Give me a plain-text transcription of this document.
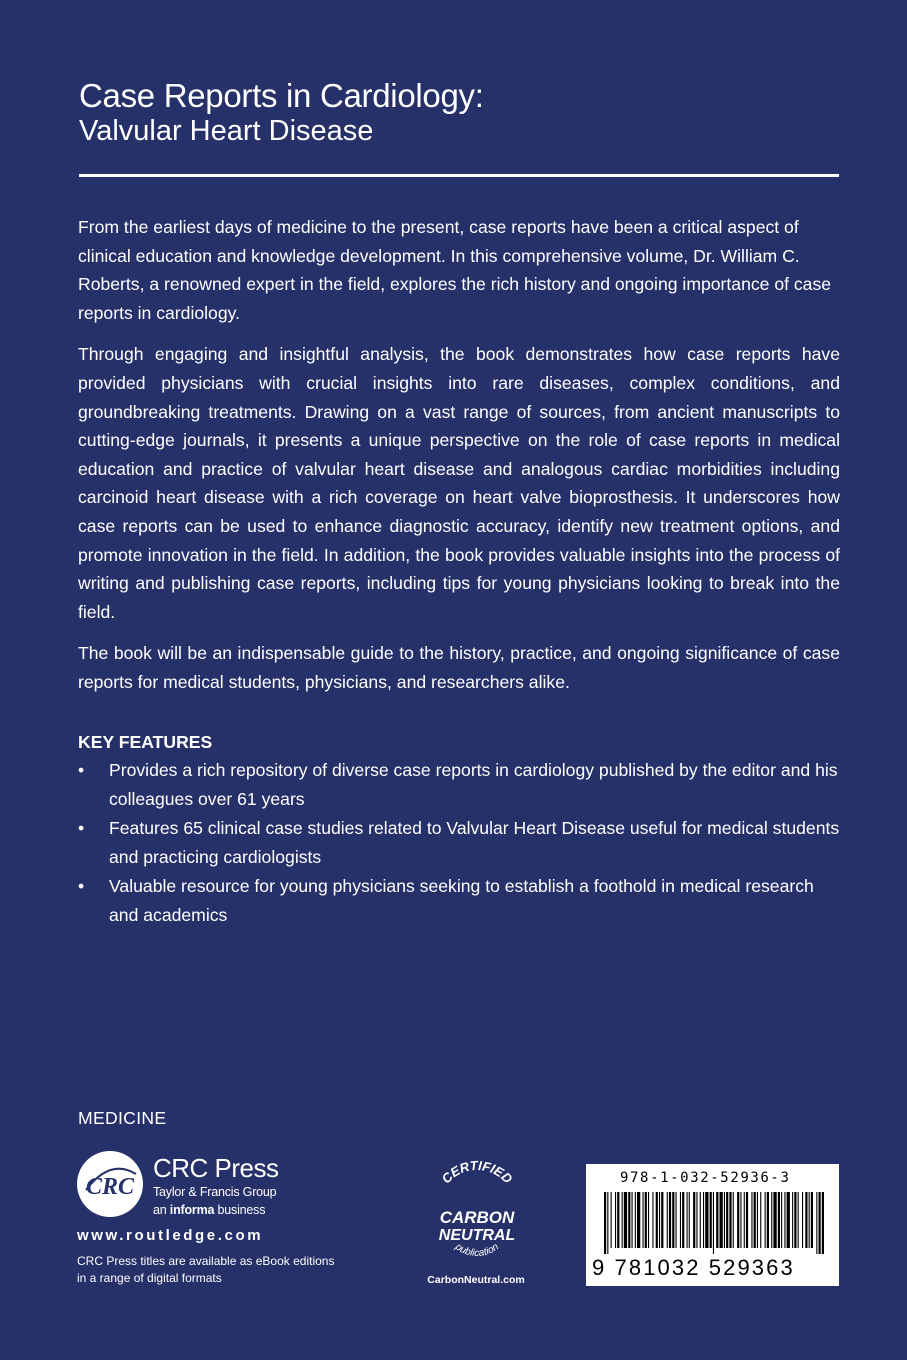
Case Reports in Cardiology:
Valvular Heart Disease

From the earliest days of medicine to the present, case reports have been a critical aspect of clinical education and knowledge development. In this comprehensive volume, Dr. William C. Roberts, a renowned expert in the field, explores the rich history and ongoing importance of case reports in cardiology.

Through engaging and insightful analysis, the book demonstrates how case reports have provided physicians with crucial insights into rare diseases, complex conditions, and groundbreaking treatments. Drawing on a vast range of sources, from ancient manuscripts to cutting-edge journals, it presents a unique perspective on the role of case reports in medical education and practice of valvular heart disease and analogous cardiac morbidities including carcinoid heart disease with a rich coverage on heart valve bioprosthesis. It underscores how case reports can be used to enhance diagnostic accuracy, identify new treatment options, and promote innovation in the field. In addition, the book provides valuable insights into the process of writing and publishing case reports, including tips for young physicians looking to break into the field.

The book will be an indispensable guide to the history, practice, and ongoing significance of case reports for medical students, physicians, and researchers alike.

KEY FEATURES
• Provides a rich repository of diverse case reports in cardiology published by the editor and his colleagues over 61 years
• Features 65 clinical case studies related to Valvular Heart Disease useful for medical students and practicing cardiologists
• Valuable resource for young physicians seeking to establish a foothold in medical research and academics
MEDICINE
CRC
CRC Press
Taylor & Francis Group
an informa business
www.routledge.com
CRC Press titles are available as eBook editions
in a range of digital formats
CERTIFIED
CARBON
NEUTRAL
publication
CarbonNeutral.com
978-1-032-52936-3
9 781032 529363
